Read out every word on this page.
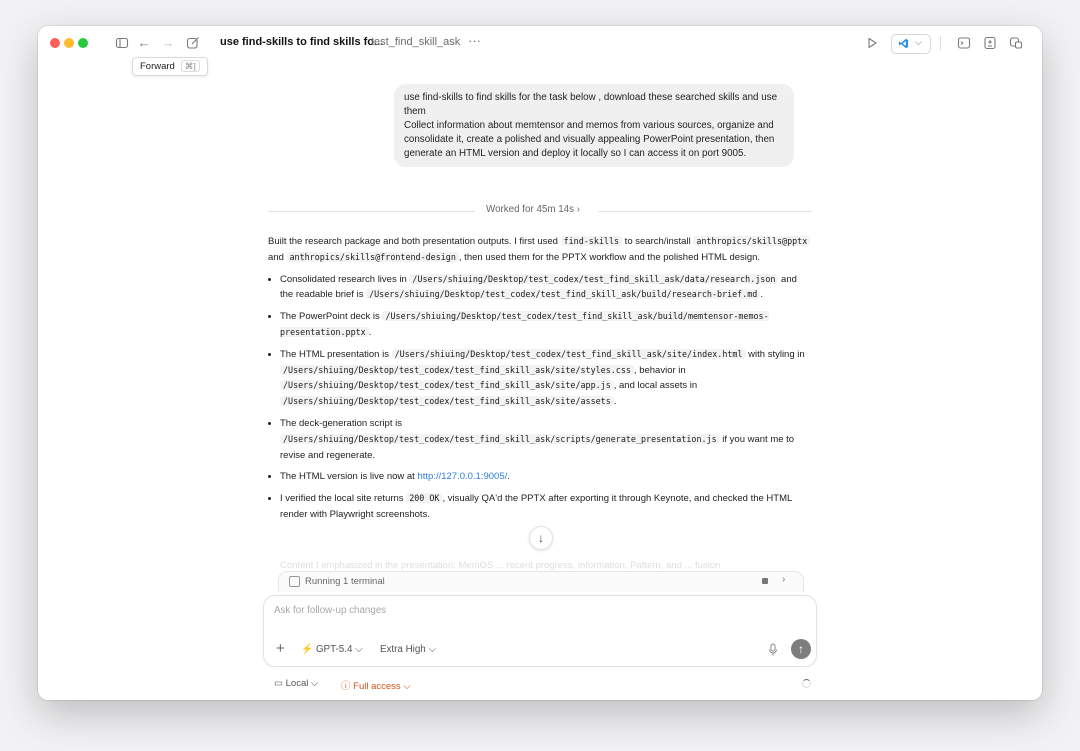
← →	use find-skills to find skills fo...
test_find_skill_ask ···	⌵
Forward ⌘]
use find-skills to find skills for the task below , download these searched skills and use
them
Collect information about memtensor and memos from various sources, organize and
consolidate it, create a polished and visually appealing PowerPoint presentation, then
generate an HTML version and deploy it locally so I can access it on port 9005.
Worked for 45m 14s ›

Built the research package and both presentation outputs. I first used find-skills to search/install anthropics/skills@pptx and anthropics/skills@frontend-design , then used them for the PPTX workflow and the polished HTML design.

• Consolidated research lives in /Users/shiuing/Desktop/test_codex/test_find_skill_ask/data/research.json and the readable brief is /Users/shiuing/Desktop/test_codex/test_find_skill_ask/build/research-brief.md .
• The PowerPoint deck is /Users/shiuing/Desktop/test_codex/test_find_skill_ask/build/memtensor-memos-presentation.pptx .
• The HTML presentation is /Users/shiuing/Desktop/test_codex/test_find_skill_ask/site/index.html with styling in /Users/shiuing/Desktop/test_codex/test_find_skill_ask/site/styles.css , behavior in /Users/shiuing/Desktop/test_codex/test_find_skill_ask/site/app.js , and local assets in /Users/shiuing/Desktop/test_codex/test_find_skill_ask/site/assets .
• The deck-generation script is /Users/shiuing/Desktop/test_codex/test_find_skill_ask/scripts/generate_presentation.js if you want me to revise and regenerate.
• The HTML version is live now at http://127.0.0.1:9005/.
• I verified the local site returns 200 OK , visually QA'd the PPTX after exporting it through Keynote, and checked the HTML render with Playwright screenshots.
Content I emphasized in the presentation: MemOS ... recent progress, information, Pattern, and ... fusion
↓
Running 1 terminal	›
Ask for follow-up changes
+ ⚡ GPT-5.4 ⌵ Extra High ⌵	↑
▭ Local ⌵ ⓘ Full access ⌵
